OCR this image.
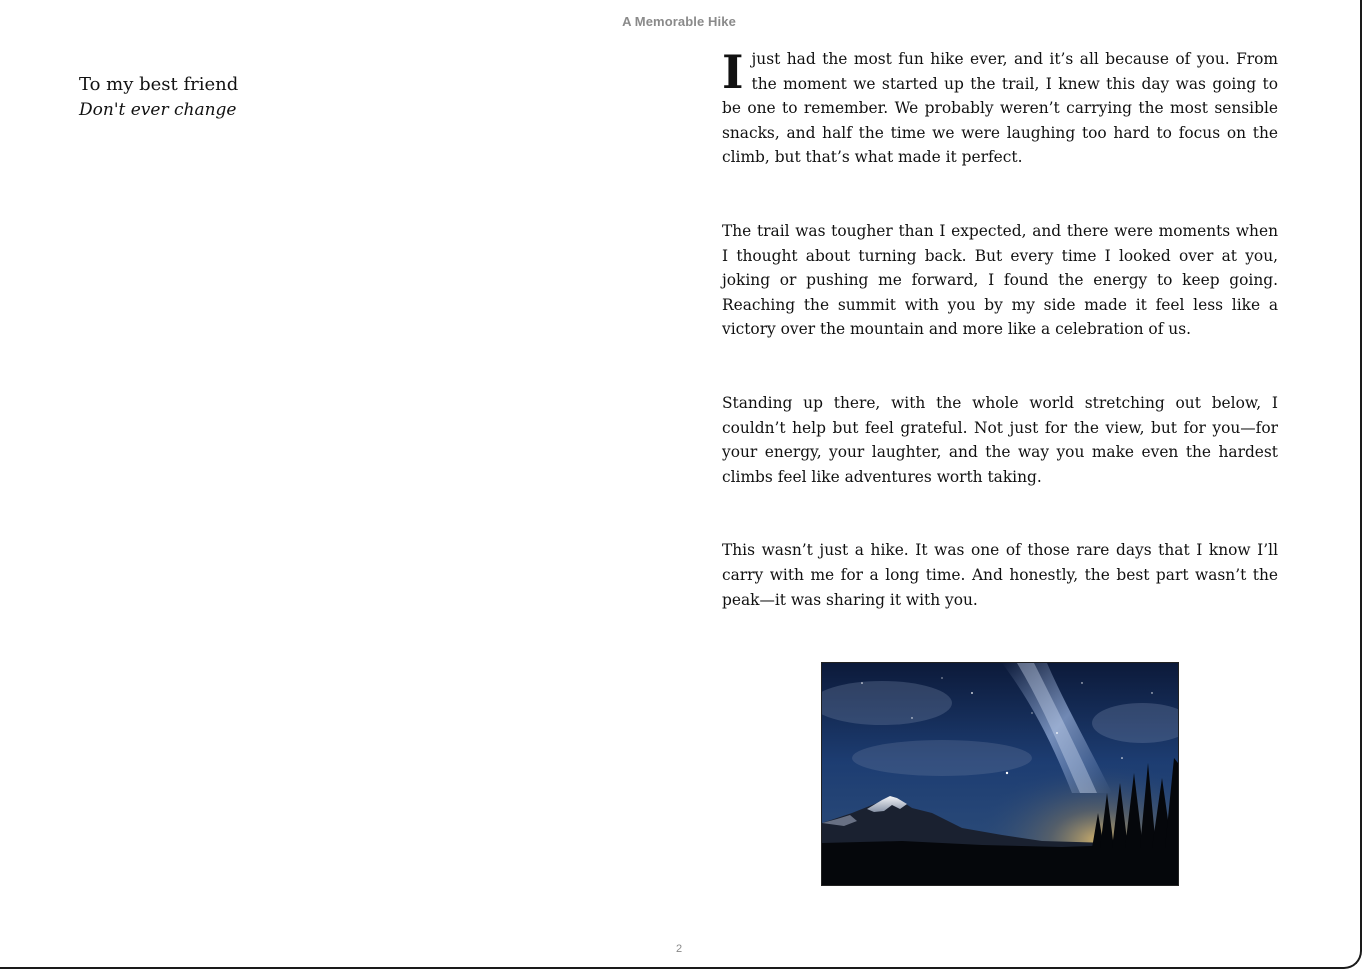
A Memorable Hike
To my best friend
Don't ever change

I just had the most fun hike ever, and it’s all because of you. From the moment we started up the trail, I knew this day was going to be one to remember. We probably weren’t carrying the most sensible snacks, and half the time we were laughing too hard to focus on the climb, but that’s what made it perfect.

The trail was tougher than I expected, and there were moments when I thought about turning back. But every time I looked over at you, joking or pushing me forward, I found the energy to keep going. Reaching the summit with you by my side made it feel less like a victory over the mountain and more like a celebration of us.

Standing up there, with the whole world stretching out below, I couldn’t help but feel grateful. Not just for the view, but for you—for your energy, your laughter, and the way you make even the hardest climbs feel like adventures worth taking.

This wasn’t just a hike. It was one of those rare days that I know I’ll carry with me for a long time. And honestly, the best part wasn’t the peak—it was sharing it with you.

2
